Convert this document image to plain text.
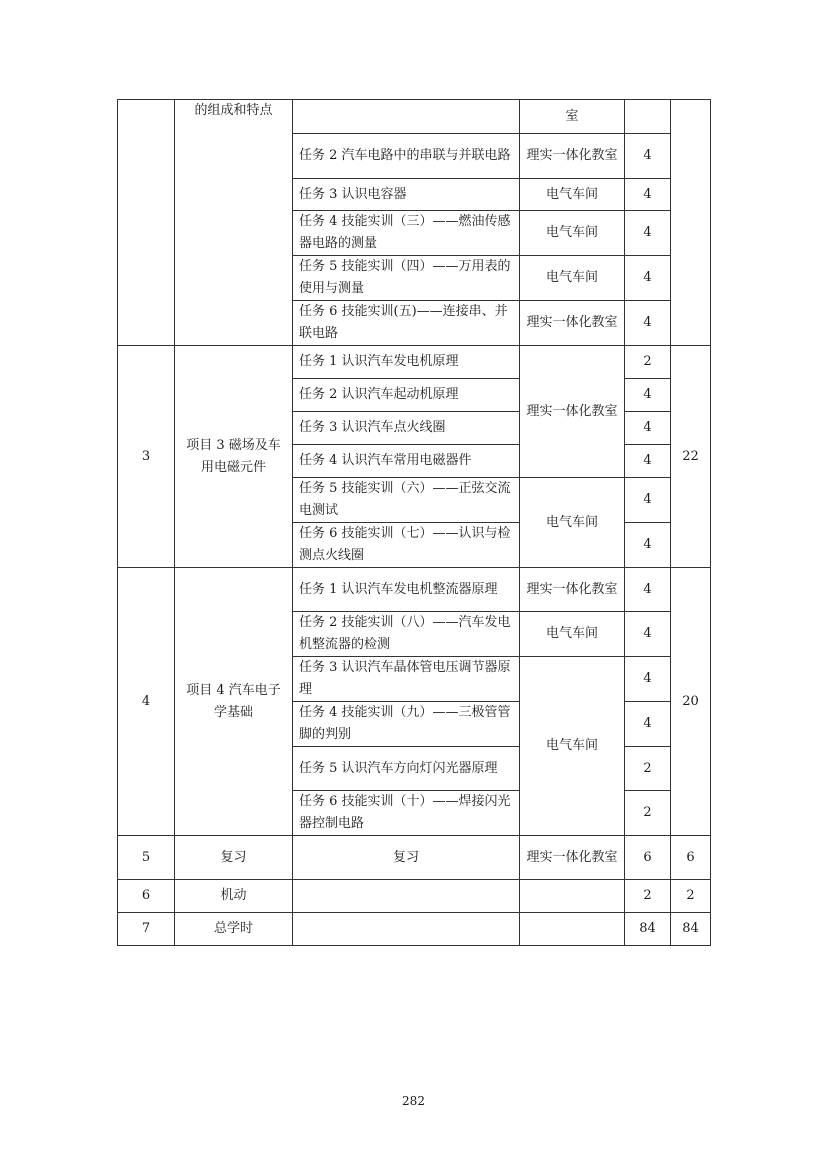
	的组成和特点		室		
		任务 2 汽车电路中的串联与并联电路	理实一体化教室	4	
		任务 3 认识电容器	电气车间	4	
		任务 4 技能实训（三）——燃油传感器电路的测量	电气车间	4	
		任务 5 技能实训（四）——万用表的使用与测量	电气车间	4	
		任务 6 技能实训(五)——连接串、并联电路	理实一体化教室	4	
3	项目 3 磁场及车用电磁元件	任务 1 认识汽车发电机原理	理实一体化教室	2	22
		任务 2 认识汽车起动机原理		4	
		任务 3 认识汽车点火线圈		4	
		任务 4 认识汽车常用电磁器件		4	
		任务 5 技能实训（六）——正弦交流电测试	电气车间	4	
		任务 6 技能实训（七）——认识与检测点火线圈		4	
4	项目 4 汽车电子学基础	任务 1 认识汽车发电机整流器原理	理实一体化教室	4	20
		任务 2 技能实训（八）——汽车发电机整流器的检测	电气车间	4	
		任务 3 认识汽车晶体管电压调节器原理	电气车间	4	
		任务 4 技能实训（九）——三极管管脚的判别		4	
		任务 5 认识汽车方向灯闪光器原理		2	
		任务 6 技能实训（十）——焊接闪光器控制电路		2	
5	复习	复习	理实一体化教室	6	6
6	机动			2	2
7	总学时			84	84
282
